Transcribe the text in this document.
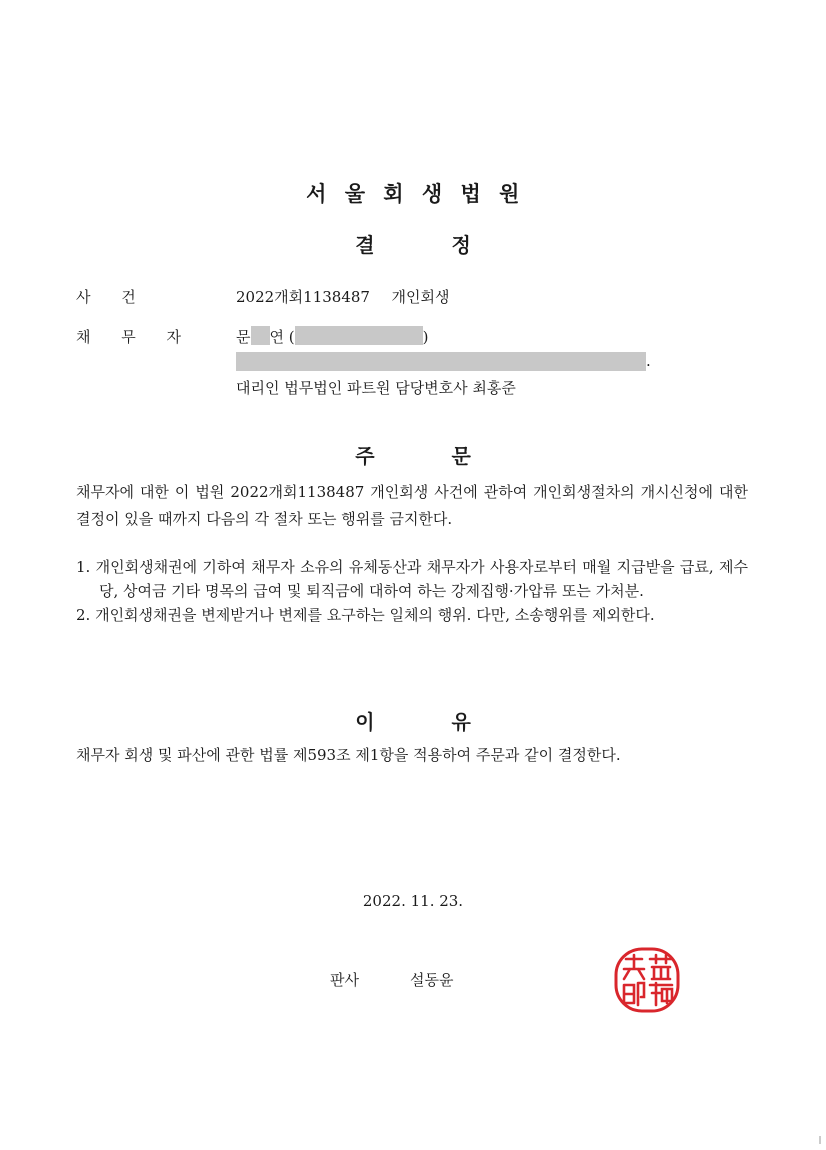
서 울 회 생 법 원
결 정
사 건	2022개회1138487 개인회생
채 무 자	문 연 (	)
.
대리인 법무법인 파트원 담당변호사 최홍준
주 문
채무자에 대한 이 법원 2022개회1138487 개인회생 사건에 관하여 개인회생절차의 개시신청에 대한 결정이 있을 때까지 다음의 각 절차 또는 행위를 금지한다.
1. 개인회생채권에 기하여 채무자 소유의 유체동산과 채무자가 사용자로부터 매월 지급받을 급료, 제수당, 상여금 기타 명목의 급여 및 퇴직금에 대하여 하는 강제집행·가압류 또는 가처분.
2. 개인회생채권을 변제받거나 변제를 요구하는 일체의 행위. 다만, 소송행위를 제외한다.
이 유
채무자 회생 및 파산에 관한 법률 제593조 제1항을 적용하여 주문과 같이 결정한다.
2022. 11. 23.
판사	설동윤
